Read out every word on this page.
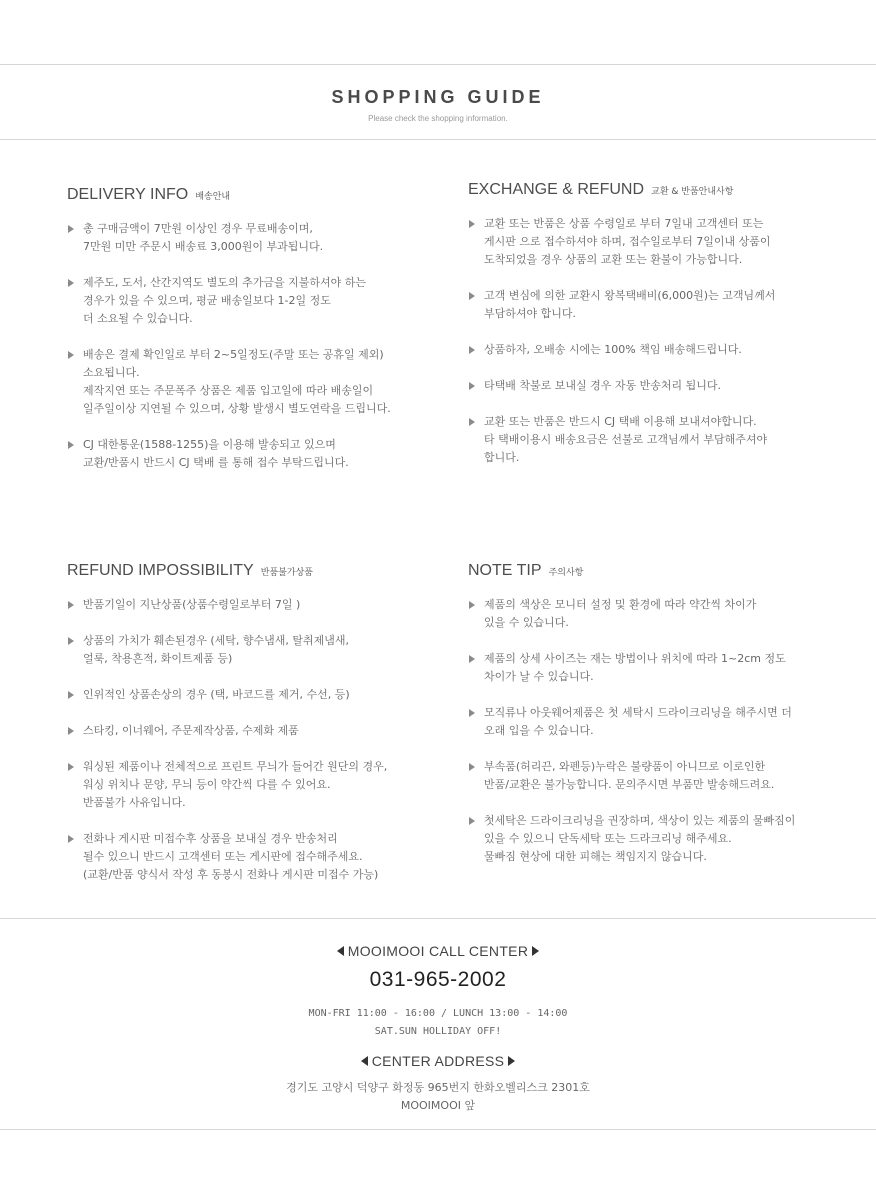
SHOPPING GUIDE
Please check the shopping information.
DELIVERY INFO 배송안내
총 구매금액이 7만원 이상인 경우 무료배송이며,
7만원 미만 주문시 배송료 3,000원이 부과됩니다.
제주도, 도서, 산간지역도 별도의 추가금을 지불하셔야 하는
경우가 있을 수 있으며, 평균 배송일보다 1-2일 정도
더 소요될 수 있습니다.
배송은 결제 확인일로 부터 2~5일정도(주말 또는 공휴일 제외)
소요됩니다.
제작지연 또는 주문폭주 상품은 제품 입고일에 따라 배송일이
일주일이상 지연될 수 있으며, 상황 발생시 별도연락을 드립니다.
CJ 대한통운(1588-1255)을 이용해 발송되고 있으며
교환/반품시 반드시 CJ 택배 를 통해 접수 부탁드립니다.
EXCHANGE & REFUND 교환 & 반품안내사항
교환 또는 반품은 상품 수령일로 부터 7일내 고객센터 또는
게시판 으로 접수하셔야 하며, 접수일로부터 7일이내 상품이
도착되었을 경우 상품의 교환 또는 환불이 가능합니다.
고객 변심에 의한 교환시 왕복택배비(6,000원)는 고객님께서
부담하셔야 합니다.
상품하자, 오배송 시에는 100% 책임 배송해드립니다.
타택배 착불로 보내실 경우 자동 반송처리 됩니다.
교환 또는 반품은 반드시 CJ 택배 이용해 보내셔야합니다.
타 택배이용시 배송요금은 선불로 고객님께서 부담해주셔야
합니다.
REFUND IMPOSSIBILITY 반품불가상품
반품기일이 지난상품(상품수령일로부터 7일 )
상품의 가치가 훼손된경우 (세탁, 향수냄새, 탈취제냄새,
얼룩, 착용흔적, 화이트제품 등)
인위적인 상품손상의 경우 (택, 바코드를 제거, 수선, 등)
스타킹, 이너웨어, 주문제작상품, 수제화 제품
워싱된 제품이나 전체적으로 프린트 무늬가 들어간 원단의 경우,
워싱 위치나 문양, 무늬 등이 약간씩 다를 수 있어요.
반품불가 사유입니다.
전화나 게시판 미접수후 상품을 보내실 경우 반송처리
될수 있으니 반드시 고객센터 또는 게시판에 접수해주세요.
(교환/반품 양식서 작성 후 동봉시 전화나 게시판 미접수 가능)
NOTE TIP 주의사항
제품의 색상은 모니터 설정 및 환경에 따라 약간씩 차이가
있을 수 있습니다.
제품의 상세 사이즈는 재는 방법이나 위치에 따라 1~2cm 정도
차이가 날 수 있습니다.
모직류나 아웃웨어제품은 첫 세탁시 드라이크리닝을 해주시면 더
오래 입을 수 있습니다.
부속품(허리끈, 와펜등)누락은 불량품이 아니므로 이로인한
반품/교환은 불가능합니다. 문의주시면 부품만 발송해드려요.
첫세탁은 드라이크리닝을 권장하며, 색상이 있는 제품의 물빠짐이
있을 수 있으니 단독세탁 또는 드라크리닝 해주세요.
물빠짐 현상에 대한 피해는 책임지지 않습니다.
MOOIMOOI CALL CENTER
031-965-2002
MON-FRI 11:00 - 16:00 / LUNCH 13:00 - 14:00
SAT.SUN HOLLIDAY OFF!
CENTER ADDRESS
경기도 고양시 덕양구 화정동 965번지 한화오벨리스크 2301호
MOOIMOOI 앞
